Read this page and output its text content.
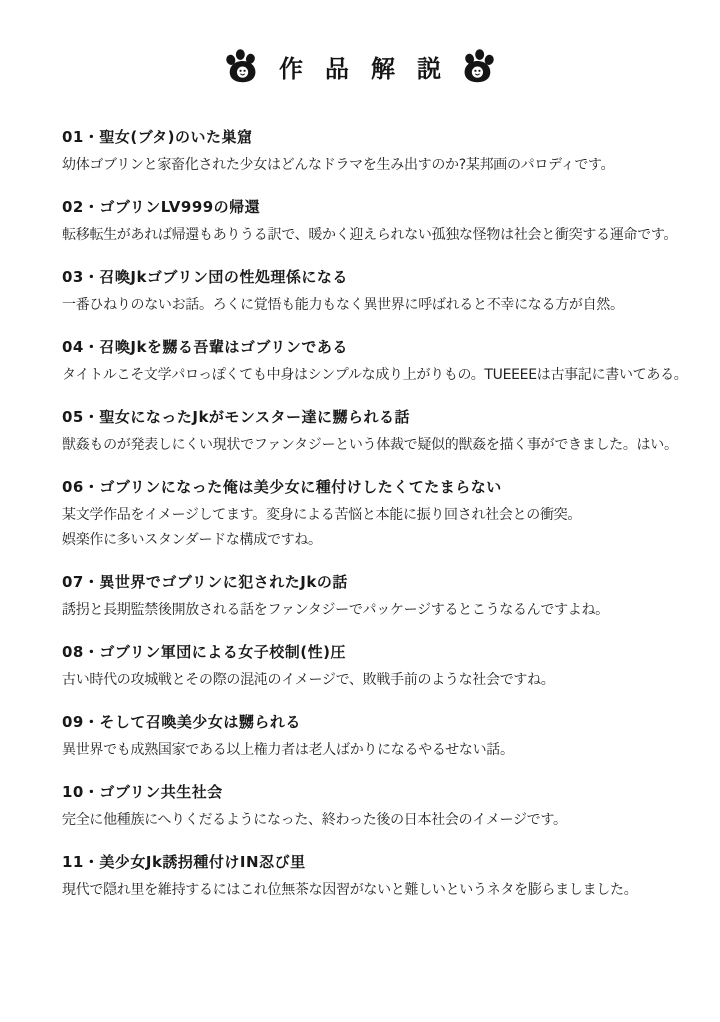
作品解説
01・聖女(ブタ)のいた巣窟
幼体ゴブリンと家畜化された少女はどんなドラマを生み出すのか?某邦画のパロディです。
02・ゴブリンLV999の帰還
転移転生があれば帰還もありうる訳で、暖かく迎えられない孤独な怪物は社会と衝突する運命です。
03・召喚Jkゴブリン団の性処理係になる
一番ひねりのないお話。ろくに覚悟も能力もなく異世界に呼ばれると不幸になる方が自然。
04・召喚Jkを嬲る吾輩はゴブリンである
タイトルこそ文学パロっぽくても中身はシンプルな成り上がりもの。TUEEEEは古事記に書いてある。
05・聖女になったJkがモンスター達に嬲られる話
獣姦ものが発表しにくい現状でファンタジーという体裁で疑似的獣姦を描く事ができました。はい。
06・ゴブリンになった俺は美少女に種付けしたくてたまらない
某文学作品をイメージしてます。変身による苦悩と本能に振り回され社会との衝突。
娯楽作に多いスタンダードな構成ですね。
07・異世界でゴブリンに犯されたJkの話
誘拐と長期監禁後開放される話をファンタジーでパッケージするとこうなるんですよね。
08・ゴブリン軍団による女子校制(性)圧
古い時代の攻城戦とその際の混沌のイメージで、敗戦手前のような社会ですね。
09・そして召喚美少女は嬲られる
異世界でも成熟国家である以上権力者は老人ばかりになるやるせない話。
10・ゴブリン共生社会
完全に他種族にへりくだるようになった、終わった後の日本社会のイメージです。
11・美少女Jk誘拐種付けIN忍び里
現代で隠れ里を維持するにはこれ位無茶な因習がないと難しいというネタを膨らましました。
